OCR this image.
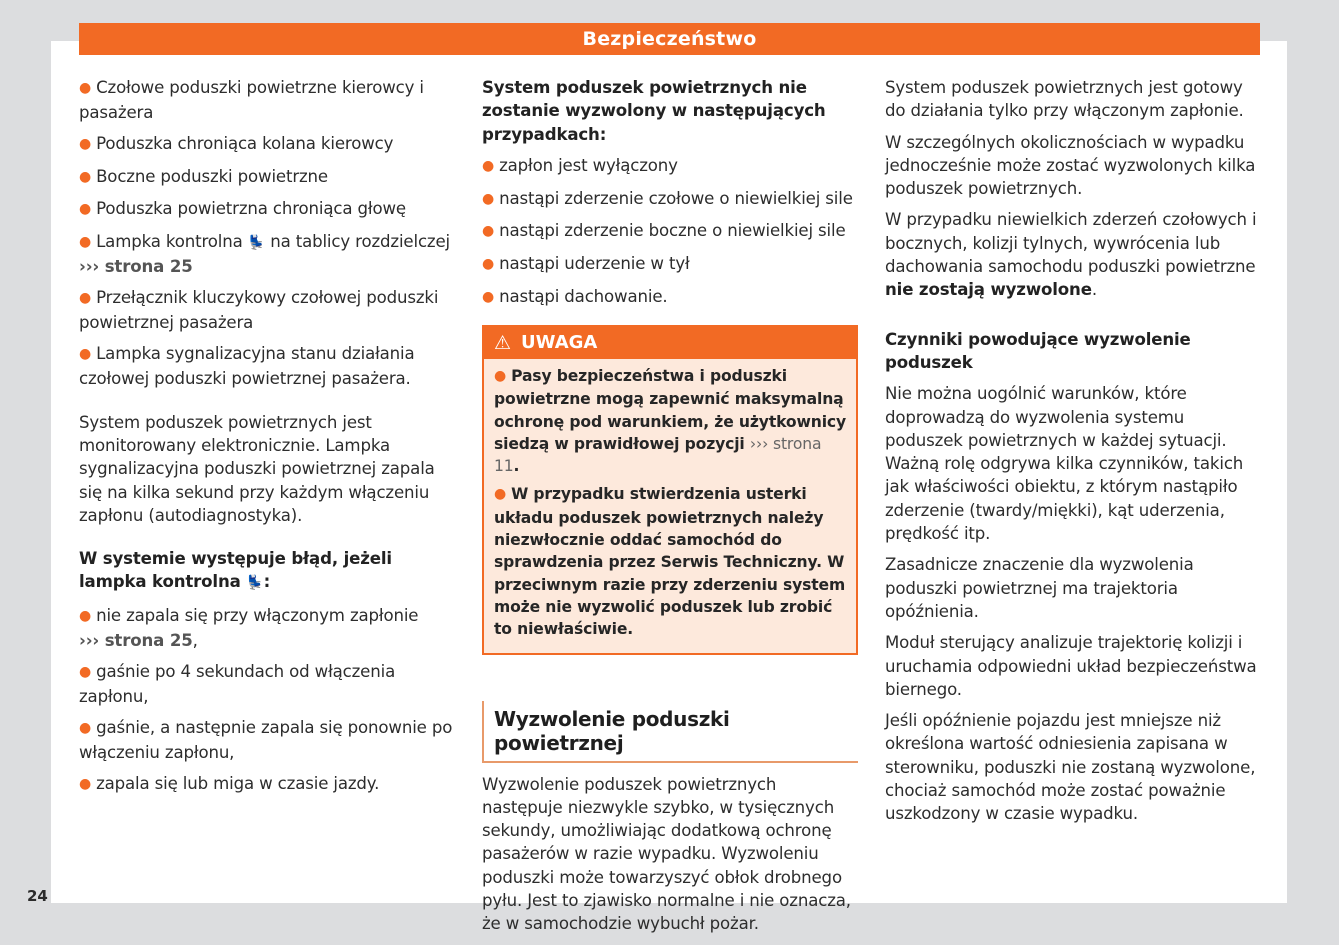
Bezpieczeństwo
● Czołowe poduszki powietrzne kierowcy i pasażera
● Poduszka chroniąca kolana kierowcy
● Boczne poduszki powietrzne
● Poduszka powietrzna chroniąca głowę
● Lampka kontrolna 💺 na tablicy rozdzielczej
››› strona 25
● Przełącznik kluczykowy czołowej poduszki powietrznej pasażera
● Lampka sygnalizacyjna stanu działania czołowej poduszki powietrznej pasażera.

System poduszek powietrznych jest monitorowany elektronicznie. Lampka sygnalizacyjna poduszki powietrznej zapala się na kilka sekund przy każdym włączeniu zapłonu (autodiagnostyka).

W systemie występuje błąd, jeżeli lampka kontrolna 💺:

● nie zapala się przy włączonym zapłonie
››› strona 25,
● gaśnie po 4 sekundach od włączenia zapłonu,
● gaśnie, a następnie zapala się ponownie po włączeniu zapłonu,
● zapala się lub miga w czasie jazdy.

System poduszek powietrznych nie zostanie wyzwolony w następujących przypadkach:

● zapłon jest wyłączony
● nastąpi zderzenie czołowe o niewielkiej sile
● nastąpi zderzenie boczne o niewielkiej sile
● nastąpi uderzenie w tył
● nastąpi dachowanie.
⚠ UWAGA
● Pasy bezpieczeństwa i poduszki powietrzne mogą zapewnić maksymalną ochronę pod warunkiem, że użytkownicy siedzą w prawidłowej pozycji ››› strona 11.
● W przypadku stwierdzenia usterki układu poduszek powietrznych należy niezwłocznie oddać samochód do sprawdzenia przez Serwis Techniczny. W przeciwnym razie przy zderzeniu system może nie wyzwolić poduszek lub zrobić to niewłaściwie.
Wyzwolenie poduszki powietrznej

Wyzwolenie poduszek powietrznych następuje niezwykle szybko, w tysięcznych sekundy, umożliwiając dodatkową ochronę pasażerów w razie wypadku. Wyzwoleniu poduszki może towarzyszyć obłok drobnego pyłu. Jest to zjawisko normalne i nie oznacza, że w samochodzie wybuchł pożar.

System poduszek powietrznych jest gotowy do działania tylko przy włączonym zapłonie.

W szczególnych okolicznościach w wypadku jednocześnie może zostać wyzwolonych kilka poduszek powietrznych.

W przypadku niewielkich zderzeń czołowych i bocznych, kolizji tylnych, wywrócenia lub dachowania samochodu poduszki powietrzne nie zostają wyzwolone.

Czynniki powodujące wyzwolenie poduszek

Nie można uogólnić warunków, które doprowadzą do wyzwolenia systemu poduszek powietrznych w każdej sytuacji. Ważną rolę odgrywa kilka czynników, takich jak właściwości obiektu, z którym nastąpiło zderzenie (twardy/miękki), kąt uderzenia, prędkość itp.

Zasadnicze znaczenie dla wyzwolenia poduszki powietrznej ma trajektoria opóźnienia.

Moduł sterujący analizuje trajektorię kolizji i uruchamia odpowiedni układ bezpieczeństwa biernego.

Jeśli opóźnienie pojazdu jest mniejsze niż określona wartość odniesienia zapisana w sterowniku, poduszki nie zostaną wyzwolone, chociaż samochód może zostać poważnie uszkodzony w czasie wypadku.

24
